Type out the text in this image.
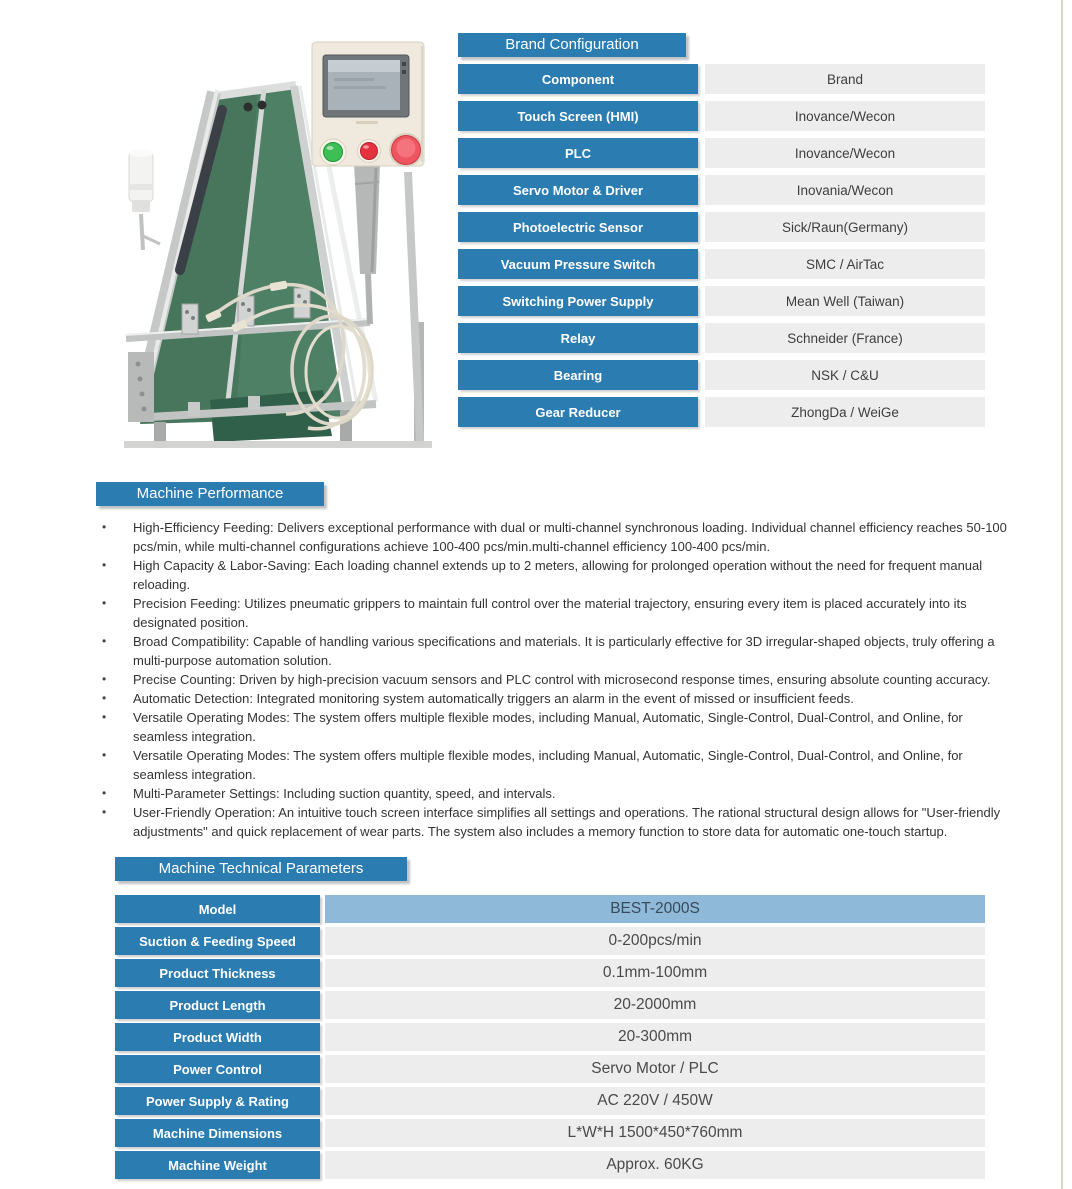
Brand Configuration
Component	Brand
Touch Screen (HMI)	Inovance/Wecon
PLC	Inovance/Wecon
Servo Motor & Driver	Inovania/Wecon
Photoelectric Sensor	Sick/Raun(Germany)
Vacuum Pressure Switch	SMC / AirTac
Switching Power Supply	Mean Well (Taiwan)
Relay	Schneider (France)
Bearing	NSK / C&U
Gear Reducer	ZhongDa / WeiGe
Machine Performance
• High-Efficiency Feeding: Delivers exceptional performance with dual or multi-channel synchronous loading. Individual channel efficiency reaches 50-100 pcs/min, while multi-channel configurations achieve 100-400 pcs/min.multi-channel efficiency 100-400 pcs/min.
• High Capacity & Labor-Saving: Each loading channel extends up to 2 meters, allowing for prolonged operation without the need for frequent manual reloading.
• Precision Feeding: Utilizes pneumatic grippers to maintain full control over the material trajectory, ensuring every item is placed accurately into its designated position.
• Broad Compatibility: Capable of handling various specifications and materials. It is particularly effective for 3D irregular-shaped objects, truly offering a multi-purpose automation solution.
• Precise Counting: Driven by high-precision vacuum sensors and PLC control with microsecond response times, ensuring absolute counting accuracy.
• Automatic Detection: Integrated monitoring system automatically triggers an alarm in the event of missed or insufficient feeds.
• Versatile Operating Modes: The system offers multiple flexible modes, including Manual, Automatic, Single-Control, Dual-Control, and Online, for seamless integration.
• Versatile Operating Modes: The system offers multiple flexible modes, including Manual, Automatic, Single-Control, Dual-Control, and Online, for seamless integration.
• Multi-Parameter Settings: Including suction quantity, speed, and intervals.
• User-Friendly Operation: An intuitive touch screen interface simplifies all settings and operations. The rational structural design allows for "User-friendly adjustments" and quick replacement of wear parts. The system also includes a memory function to store data for automatic one-touch startup.
Machine Technical Parameters
Model	BEST-2000S
Suction & Feeding Speed	0-200pcs/min
Product Thickness	0.1mm-100mm
Product Length	20-2000mm
Product Width	20-300mm
Power Control	Servo Motor / PLC
Power Supply & Rating	AC 220V / 450W
Machine Dimensions	L*W*H 1500*450*760mm
Machine Weight	Approx. 60KG
